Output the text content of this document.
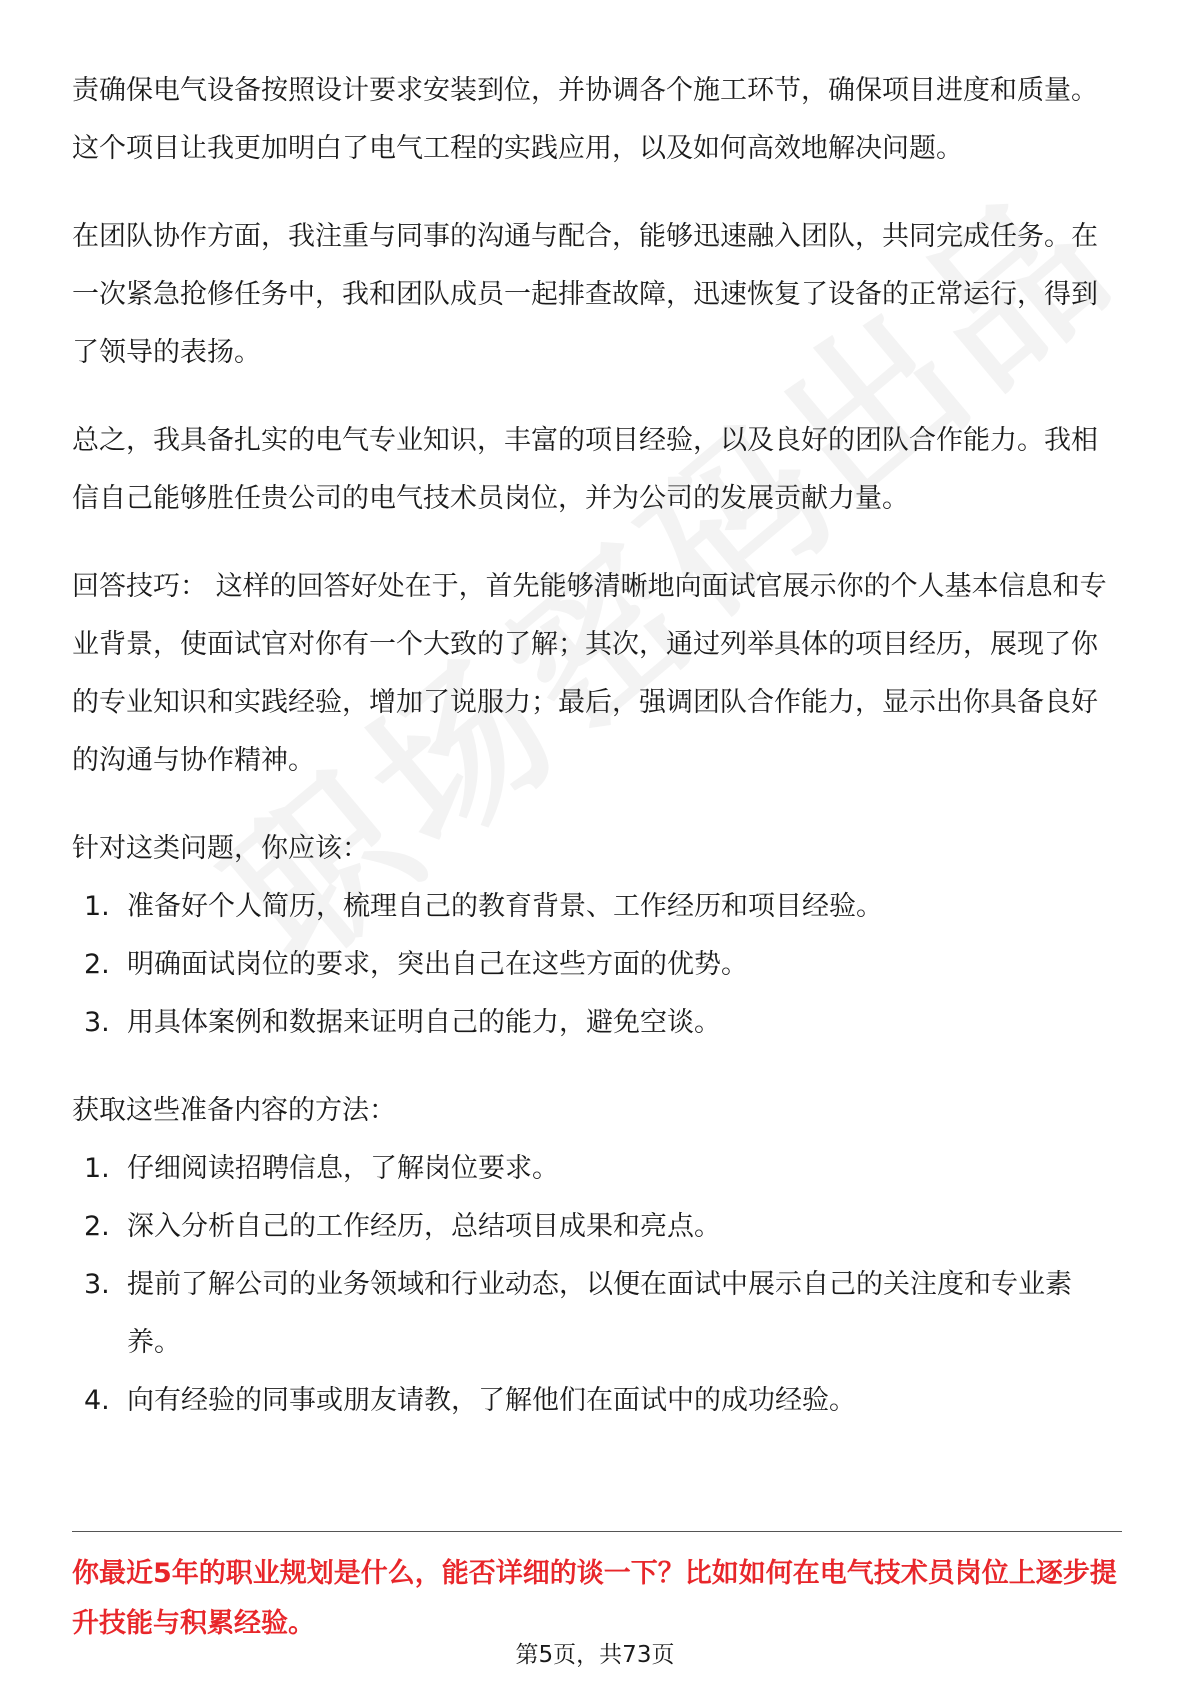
责确保电气设备按照设计要求安装到位，并协调各个施工环节，确保项目进度和质量。这个项目让我更加明白了电气工程的实践应用，以及如何高效地解决问题。

在团队协作方面，我注重与同事的沟通与配合，能够迅速融入团队，共同完成任务。在一次紧急抢修任务中，我和团队成员一起排查故障，迅速恢复了设备的正常运行，得到了领导的表扬。

总之，我具备扎实的电气专业知识，丰富的项目经验，以及良好的团队合作能力。我相信自己能够胜任贵公司的电气技术员岗位，并为公司的发展贡献力量。

回答技巧： 这样的回答好处在于，首先能够清晰地向面试官展示你的个人基本信息和专业背景，使面试官对你有一个大致的了解；其次，通过列举具体的项目经历，展现了你的专业知识和实践经验，增加了说服力；最后，强调团队合作能力，显示出你具备良好的沟通与协作精神。

针对这类问题，你应该：

1. 准备好个人简历，梳理自己的教育背景、工作经历和项目经验。
2. 明确面试岗位的要求，突出自己在这些方面的优势。
3. 用具体案例和数据来证明自己的能力，避免空谈。

获取这些准备内容的方法：

1. 仔细阅读招聘信息，了解岗位要求。
2. 深入分析自己的工作经历，总结项目成果和亮点。
3. 提前了解公司的业务领域和行业动态，以便在面试中展示自己的关注度和专业素养。
4. 向有经验的同事或朋友请教，了解他们在面试中的成功经验。

你最近5年的职业规划是什么，能否详细的谈一下？比如如何在电气技术员岗位上逐步提升技能与积累经验。

第5页，共73页
